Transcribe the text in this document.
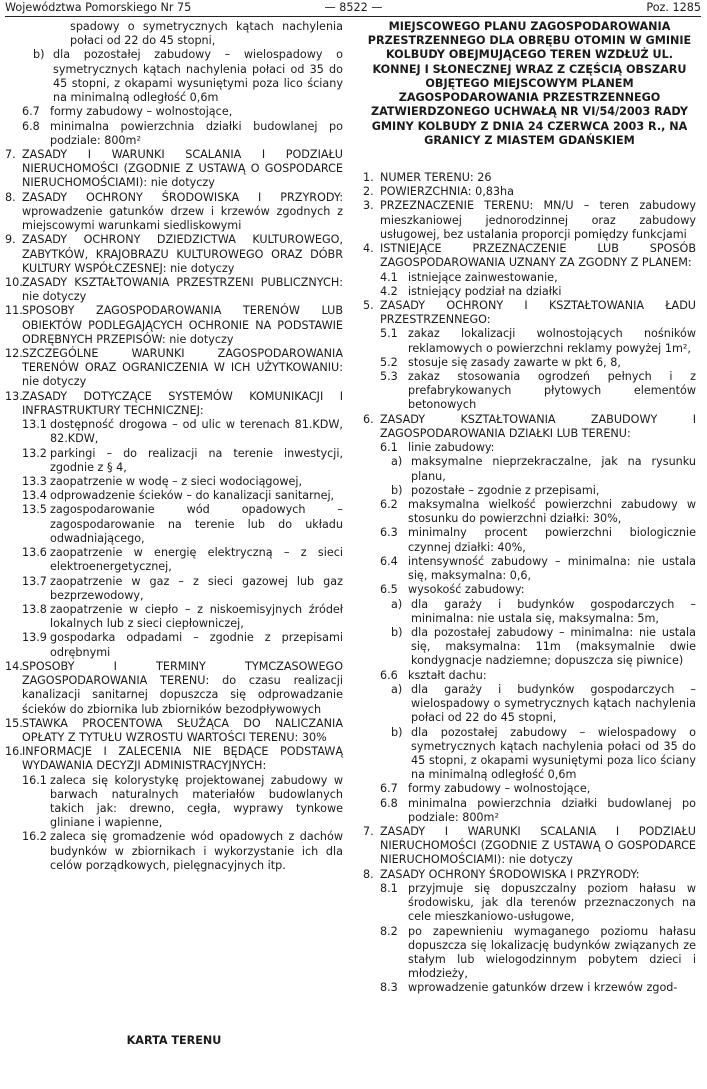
Województwa Pomorskiego Nr 75	— 8522 —	Poz. 1285
spadowy o symetrycznych kątach nachylenia połaci od 22 do 45 stopni,
b) dla pozostałej zabudowy – wielospadowy o symetrycznych kątach nachylenia połaci od 35 do 45 stopni, z okapami wysuniętymi poza lico ściany na minimalną odległość 0,6m
6.7 formy zabudowy – wolnostojące,
6.8 minimalna powierzchnia działki budowlanej po podziale: 800m²
7. ZASADY I WARUNKI SCALANIA I PODZIAŁU NIERUCHOMOŚCI (ZGODNIE Z USTAWĄ O GOSPODARCE NIERUCHOMOŚCIAMI): nie dotyczy
8. ZASADY OCHRONY ŚRODOWISKA I PRZYRODY: wprowadzenie gatunków drzew i krzewów zgodnych z miejscowymi warunkami siedliskowymi
9. ZASADY OCHRONY DZIEDZICTWA KULTUROWEGO, ZABYTKÓW, KRAJOBRAZU KULTUROWEGO ORAZ DÓBR KULTURY WSPÓŁCZESNEJ: nie dotyczy
10. ZASADY KSZTAŁTOWANIA PRZESTRZENI PUBLICZNYCH: nie dotyczy
11. SPOSOBY ZAGOSPODAROWANIA TERENÓW LUB OBIEKTÓW PODLEGAJĄCYCH OCHRONIE NA PODSTAWIE ODRĘBNYCH PRZEPISÓW: nie dotyczy
12. SZCZEGÓLNE WARUNKI ZAGOSPODAROWANIA TERENÓW ORAZ OGRANICZENIA W ICH UŻYTKOWANIU: nie dotyczy
13. ZASADY DOTYCZĄCE SYSTEMÓW KOMUNIKACJI I INFRASTRUKTURY TECHNICZNEJ:
13.1 dostępność drogowa – od ulic w terenach 81.KDW, 82.KDW,
13.2 parkingi – do realizacji na terenie inwestycji, zgodnie z § 4,
13.3 zaopatrzenie w wodę – z sieci wodociągowej,
13.4 odprowadzenie ścieków – do kanalizacji sanitarnej,
13.5 zagospodarowanie wód opadowych – zagospodarowanie na terenie lub do układu odwadniającego,
13.6 zaopatrzenie w energię elektryczną – z sieci elektroenergetycznej,
13.7 zaopatrzenie w gaz – z sieci gazowej lub gaz bezprzewodowy,
13.8 zaopatrzenie w ciepło – z niskoemisyjnych źródeł lokalnych lub z sieci ciepłowniczej,
13.9 gospodarka odpadami – zgodnie z przepisami odrębnymi
14. SPOSOBY I TERMINY TYMCZASOWEGO ZAGOSPODAROWANIA TERENU: do czasu realizacji kanalizacji sanitarnej dopuszcza się odprowadzanie ścieków do zbiornika lub zbiorników bezodpływowych
15. STAWKA PROCENTOWA SŁUŻĄCA DO NALICZANIA OPŁATY Z TYTUŁU WZROSTU WARTOŚCI TERENU: 30%
16. INFORMACJE I ZALECENIA NIE BĘDĄCE PODSTAWĄ WYDAWANIA DECYZJI ADMINISTRACYJNYCH:
16.1 zaleca się kolorystykę projektowanej zabudowy w barwach naturalnych materiałów budowlanych takich jak: drewno, cegła, wyprawy tynkowe gliniane i wapienne,
16.2 zaleca się gromadzenie wód opadowych z dachów budynków w zbiornikach i wykorzystanie ich dla celów porządkowych, pielęgnacyjnych itp.
KARTA TERENU
MIEJSCOWEGO PLANU ZAGOSPODAROWANIA PRZESTRZENNEGO DLA OBRĘBU OTOMIN W GMINIE KOLBUDY OBEJMUJĄCEGO TEREN WZDŁUŻ UL. KONNEJ I SŁONECZNEJ WRAZ Z CZĘŚCIĄ OBSZARU OBJĘTEGO MIEJSCOWYM PLANEM ZAGOSPODAROWANIA PRZESTRZENNEGO ZATWIERDZONEGO UCHWAŁĄ NR VI/54/2003 RADY GMINY KOLBUDY Z DNIA 24 CZERWCA 2003 R., NA GRANICY Z MIASTEM GDAŃSKIEM
1. NUMER TERENU: 26
2. POWIERZCHNIA: 0,83ha
3. PRZEZNACZENIE TERENU: MN/U – teren zabudowy mieszkaniowej jednorodzinnej oraz zabudowy usługowej, bez ustalania proporcji pomiędzy funkcjami
4. ISTNIEJĄCE PRZEZNACZENIE LUB SPOSÓB ZAGOSPODAROWANIA UZNANY ZA ZGODNY Z PLANEM:
4.1 istniejące zainwestowanie,
4.2 istniejący podział na działki
5. ZASADY OCHRONY I KSZTAŁTOWANIA ŁADU PRZESTRZENNEGO:
5.1 zakaz lokalizacji wolnostojących nośników reklamowych o powierzchni reklamy powyżej 1m²,
5.2 stosuje się zasady zawarte w pkt 6, 8,
5.3 zakaz stosowania ogrodzeń pełnych i z prefabrykowanych płytowych elementów betonowych
6. ZASADY KSZTAŁTOWANIA ZABUDOWY I ZAGOSPODAROWANIA DZIAŁKI LUB TERENU:
6.1 linie zabudowy:
a) maksymalne nieprzekraczalne, jak na rysunku planu,
b) pozostałe – zgodnie z przepisami,
6.2 maksymalna wielkość powierzchni zabudowy w stosunku do powierzchni działki: 30%,
6.3 minimalny procent powierzchni biologicznie czynnej działki: 40%,
6.4 intensywność zabudowy – minimalna: nie ustala się, maksymalna: 0,6,
6.5 wysokość zabudowy:
a) dla garaży i budynków gospodarczych – minimalna: nie ustala się, maksymalna: 5m,
b) dla pozostałej zabudowy – minimalna: nie ustala się, maksymalna: 11m (maksymalnie dwie kondygnacje nadziemne; dopuszcza się piwnice)
6.6 kształt dachu:
a) dla garaży i budynków gospodarczych – wielospadowy o symetrycznych kątach nachylenia połaci od 22 do 45 stopni,
b) dla pozostałej zabudowy – wielospadowy o symetrycznych kątach nachylenia połaci od 35 do 45 stopni, z okapami wysuniętymi poza lico ściany na minimalną odległość 0,6m
6.7 formy zabudowy – wolnostojące,
6.8 minimalna powierzchnia działki budowlanej po podziale: 800m²
7. ZASADY I WARUNKI SCALANIA I PODZIAŁU NIERUCHOMOŚCI (ZGODNIE Z USTAWĄ O GOSPODARCE NIERUCHOMOŚCIAMI): nie dotyczy
8. ZASADY OCHRONY ŚRODOWISKA I PRZYRODY:
8.1 przyjmuje się dopuszczalny poziom hałasu w środowisku, jak dla terenów przeznaczonych na cele mieszkaniowo-usługowe,
8.2 po zapewnieniu wymaganego poziomu hałasu dopuszcza się lokalizację budynków związanych ze stałym lub wielogodzinnym pobytem dzieci i młodzieży,
8.3 wprowadzenie gatunków drzew i krzewów zgod-
